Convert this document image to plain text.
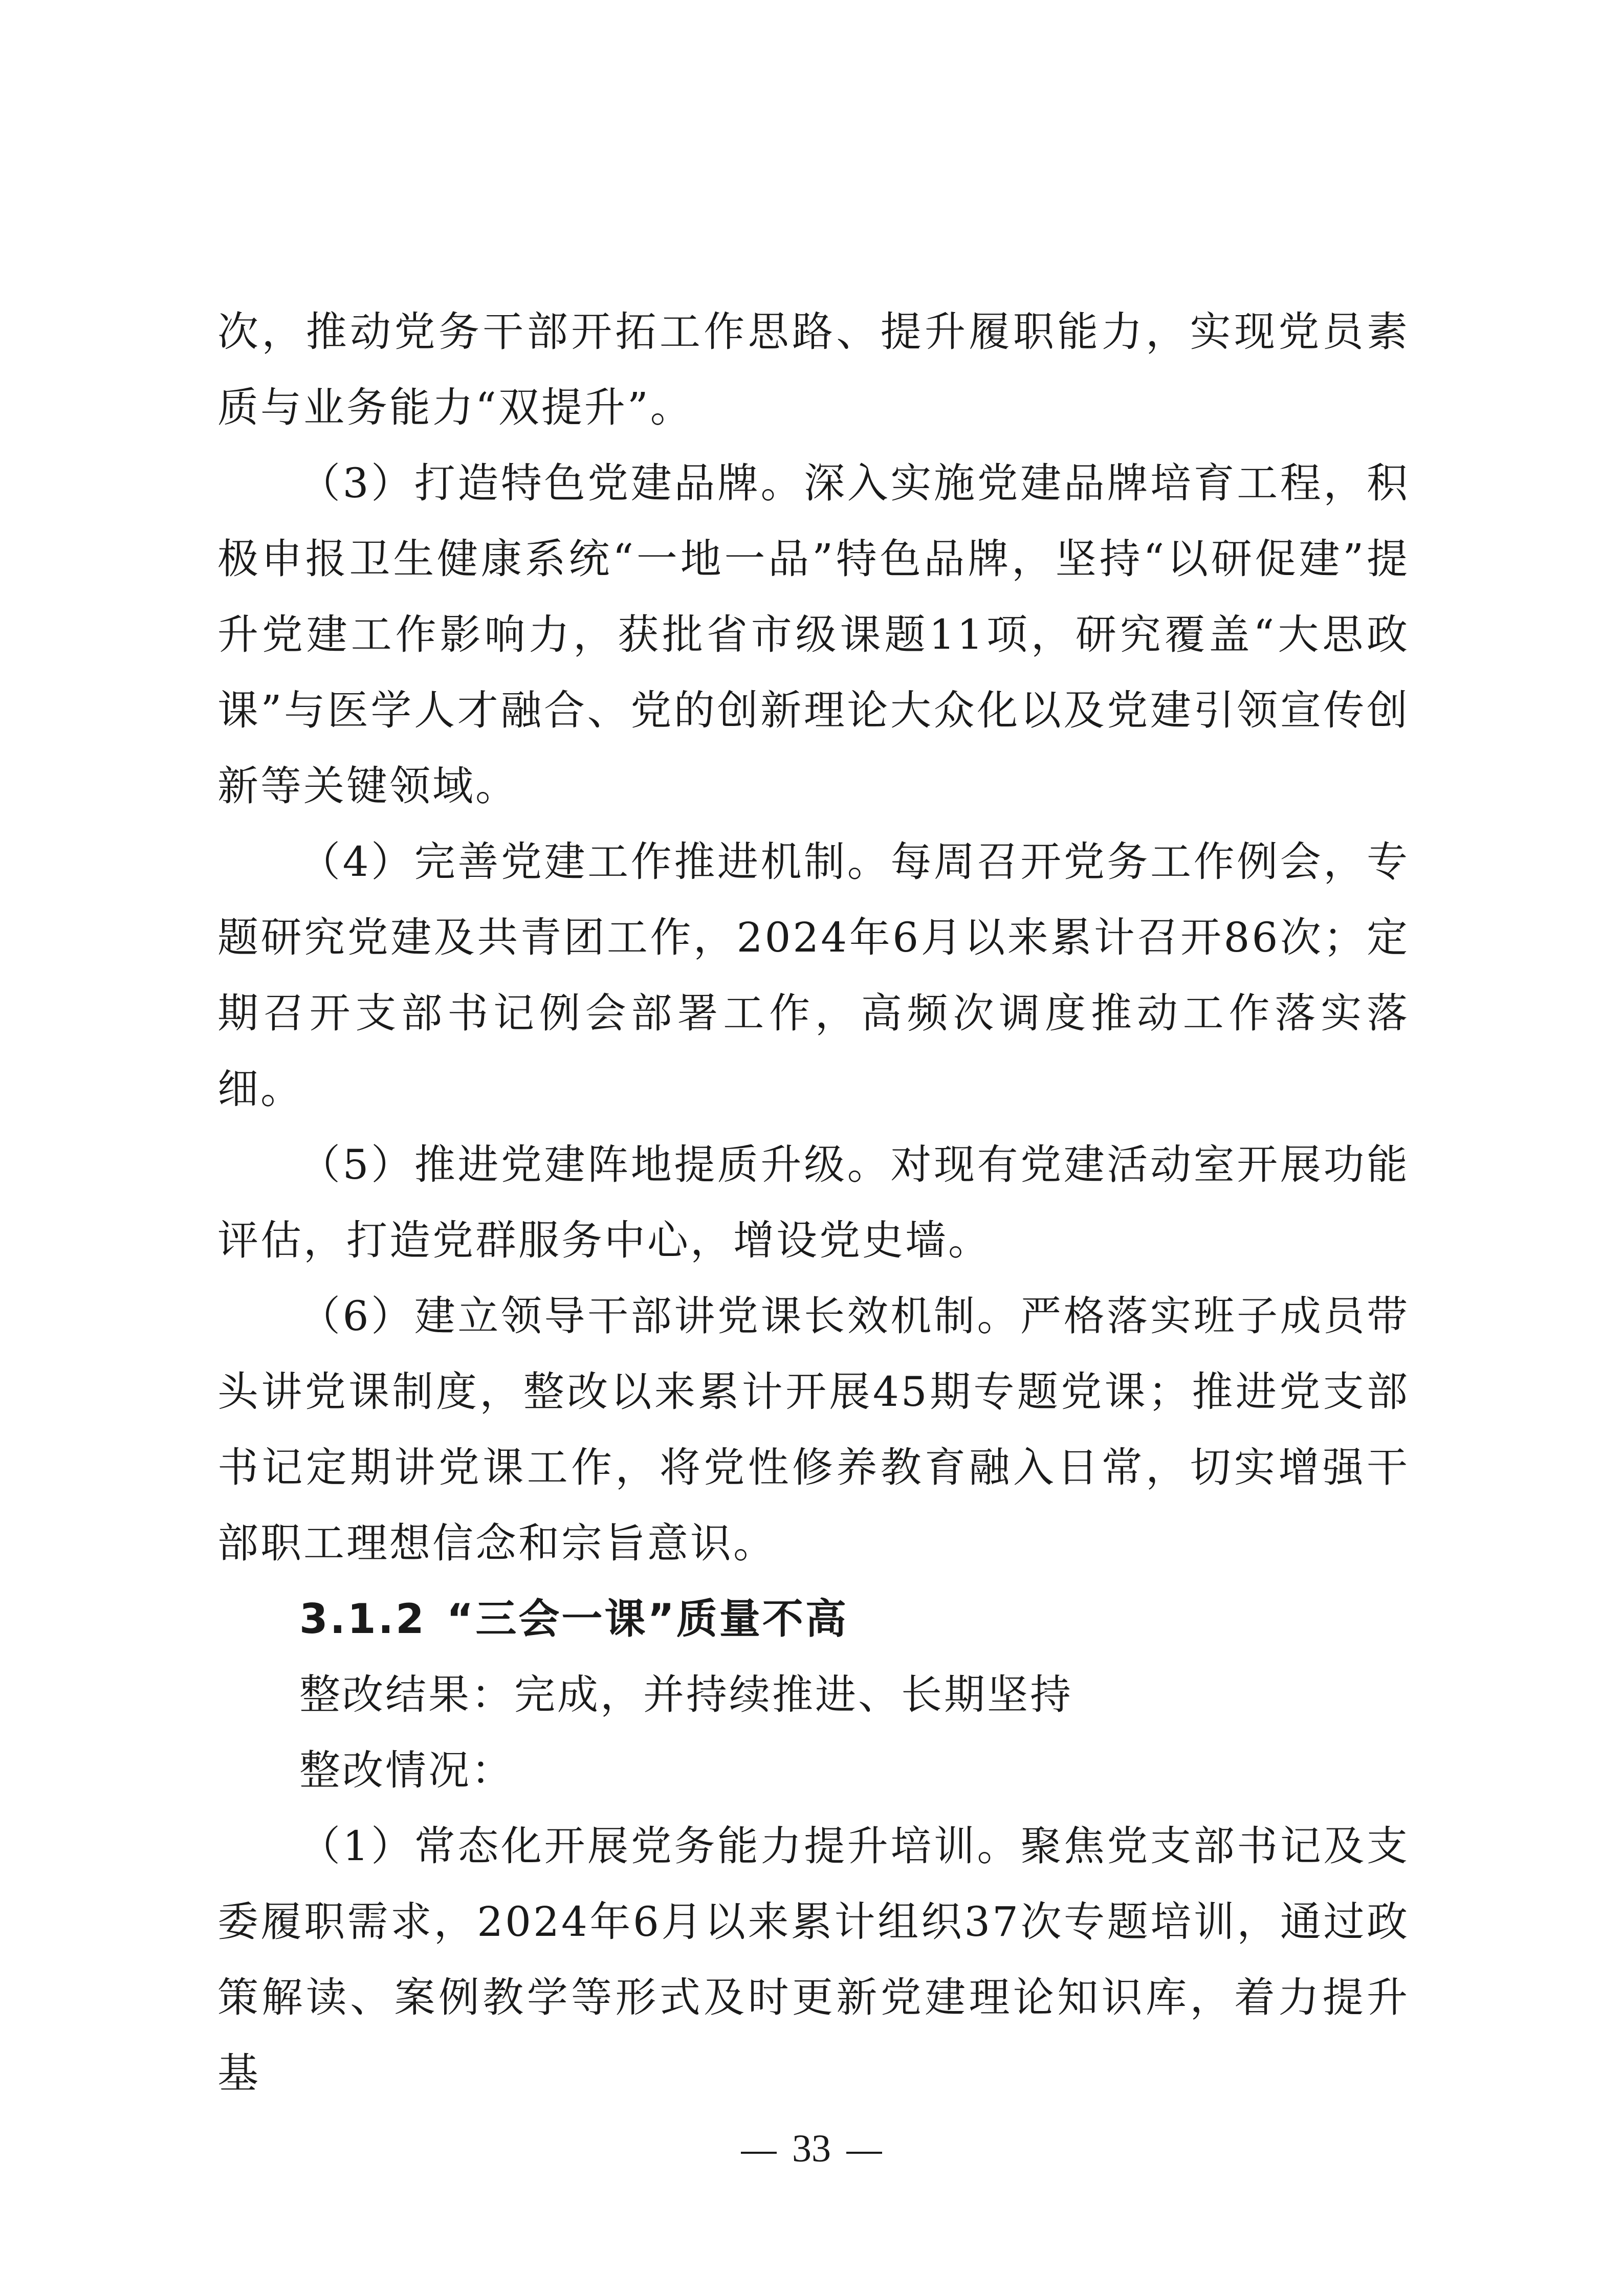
次，推动党务干部开拓工作思路、提升履职能力，实现党员素质与业务能力“双提升”。

（3）打造特色党建品牌。深入实施党建品牌培育工程，积极申报卫生健康系统“一地一品”特色品牌，坚持“以研促建”提升党建工作影响力，获批省市级课题11项，研究覆盖“大思政课”与医学人才融合、党的创新理论大众化以及党建引领宣传创新等关键领域。

（4）完善党建工作推进机制。每周召开党务工作例会，专题研究党建及共青团工作，2024年6月以来累计召开86次；定期召开支部书记例会部署工作，高频次调度推动工作落实落细。

（5）推进党建阵地提质升级。对现有党建活动室开展功能评估，打造党群服务中心，增设党史墙。

（6）建立领导干部讲党课长效机制。严格落实班子成员带头讲党课制度，整改以来累计开展45期专题党课；推进党支部书记定期讲党课工作，将党性修养教育融入日常，切实增强干部职工理想信念和宗旨意识。

3.1.2 “三会一课”质量不高

整改结果：完成，并持续推进、长期坚持

整改情况：

（1）常态化开展党务能力提升培训。聚焦党支部书记及支委履职需求，2024年6月以来累计组织37次专题培训，通过政策解读、案例教学等形式及时更新党建理论知识库，着力提升基

33
